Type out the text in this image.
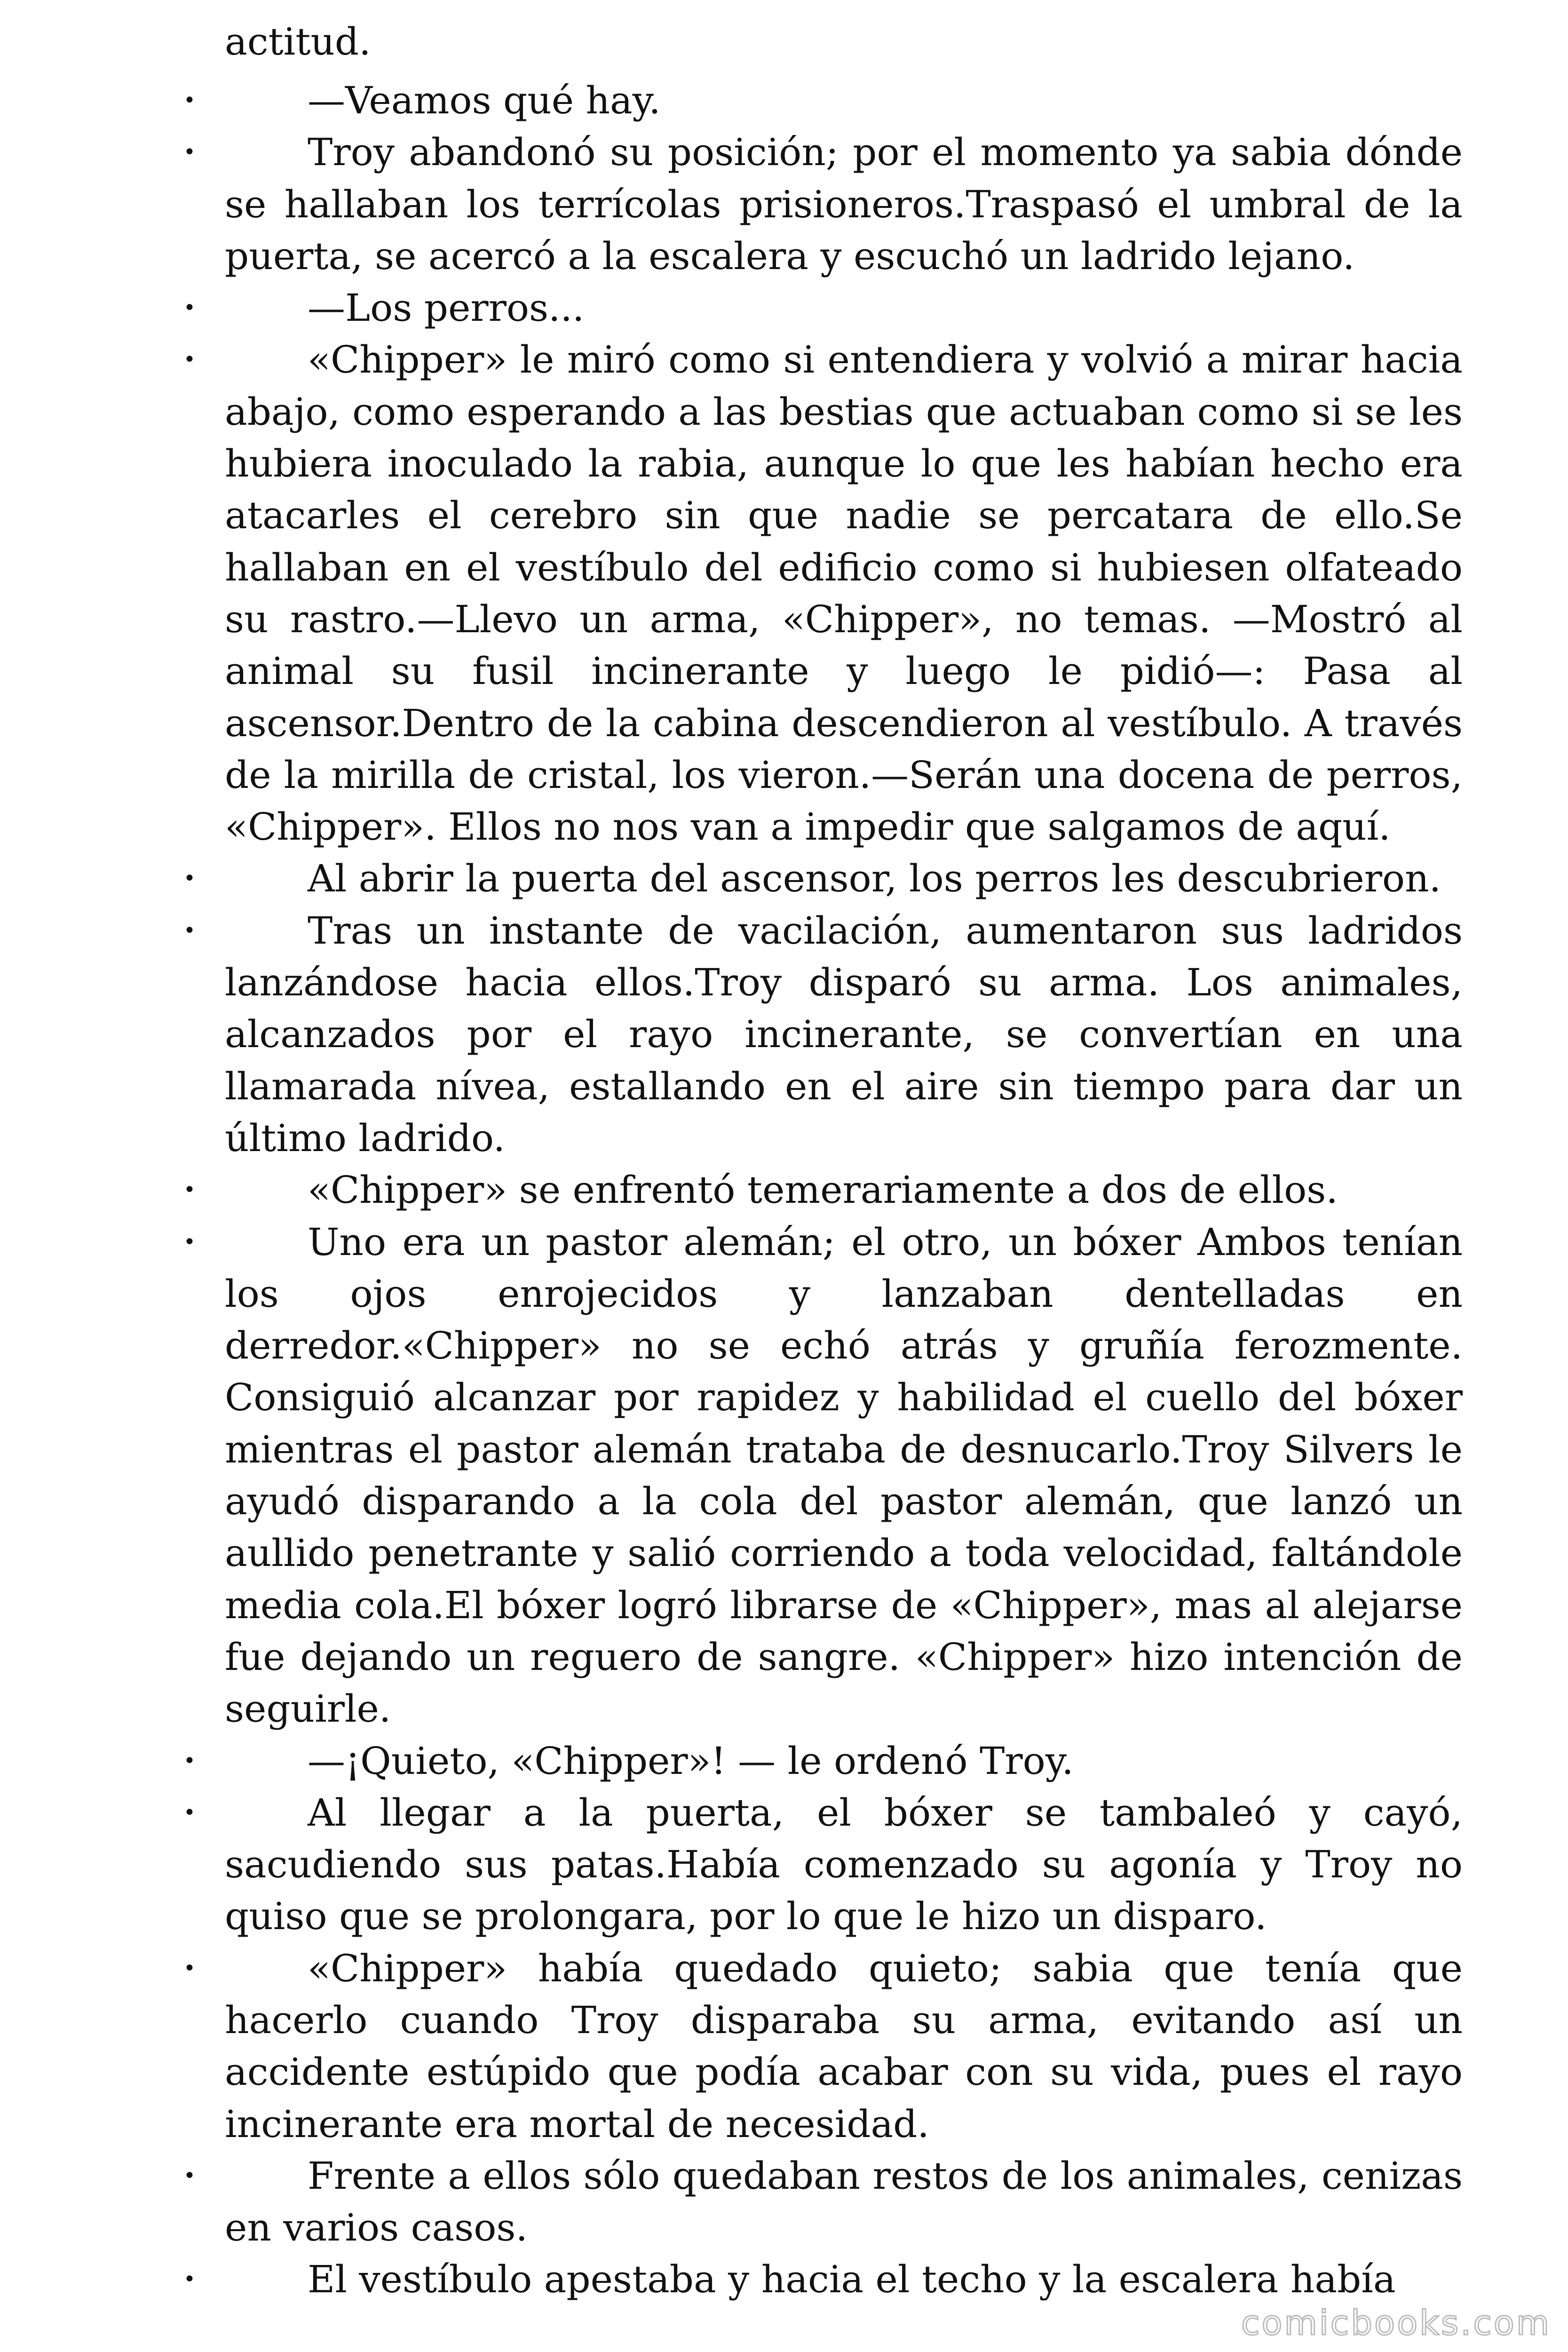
actitud.
•	—Veamos qué hay.
•	Troy abandonó su posición; por el momento ya sabia dónde se hallaban los terrícolas prisioneros.Traspasó el umbral de la puerta, se acercó a la escalera y escuchó un ladrido lejano.
•	—Los perros...
•	«Chipper» le miró como si entendiera y volvió a mirar hacia abajo, como esperando a las bestias que actuaban como si se les hubiera inoculado la rabia, aunque lo que les habían hecho era atacarles el cerebro sin que nadie se percatara de ello.Se hallaban en el vestíbulo del edificio como si hubiesen olfateado su rastro.—Llevo un arma, «Chipper», no temas. —Mostró al animal su fusil incinerante y luego le pidió—: Pasa al ascensor.Dentro de la cabina descendieron al vestíbulo. A través de la mirilla de cristal, los vieron.—Serán una docena de perros, «Chipper». Ellos no nos van a impedir que salgamos de aquí.
•	Al abrir la puerta del ascensor, los perros les descubrieron.
•	Tras un instante de vacilación, aumentaron sus ladridos lanzándose hacia ellos.Troy disparó su arma. Los animales, alcanzados por el rayo incinerante, se convertían en una llamarada nívea, estallando en el aire sin tiempo para dar un último ladrido.
•	«Chipper» se enfrentó temerariamente a dos de ellos.
•	Uno era un pastor alemán; el otro, un bóxer Ambos tenían los ojos enrojecidos y lanzaban dentelladas en derredor.«Chipper» no se echó atrás y gruñía ferozmente. Consiguió alcanzar por rapidez y habilidad el cuello del bóxer mientras el pastor alemán trataba de desnucarlo.Troy Silvers le ayudó disparando a la cola del pastor alemán, que lanzó un aullido penetrante y salió corriendo a toda velocidad, faltándole media cola.El bóxer logró librarse de «Chipper», mas al alejarse fue dejando un reguero de sangre. «Chipper» hizo intención de seguirle.
•	—¡Quieto, «Chipper»! — le ordenó Troy.
•	Al llegar a la puerta, el bóxer se tambaleó y cayó, sacudiendo sus patas.Había comenzado su agonía y Troy no quiso que se prolongara, por lo que le hizo un disparo.
•	«Chipper» había quedado quieto; sabia que tenía que hacerlo cuando Troy disparaba su arma, evitando así un accidente estúpido que podía acabar con su vida, pues el rayo incinerante era mortal de necesidad.
•	Frente a ellos sólo quedaban restos de los animales, cenizas en varios casos.
•	El vestíbulo apestaba y hacia el techo y la escalera había
comicbooks.com
